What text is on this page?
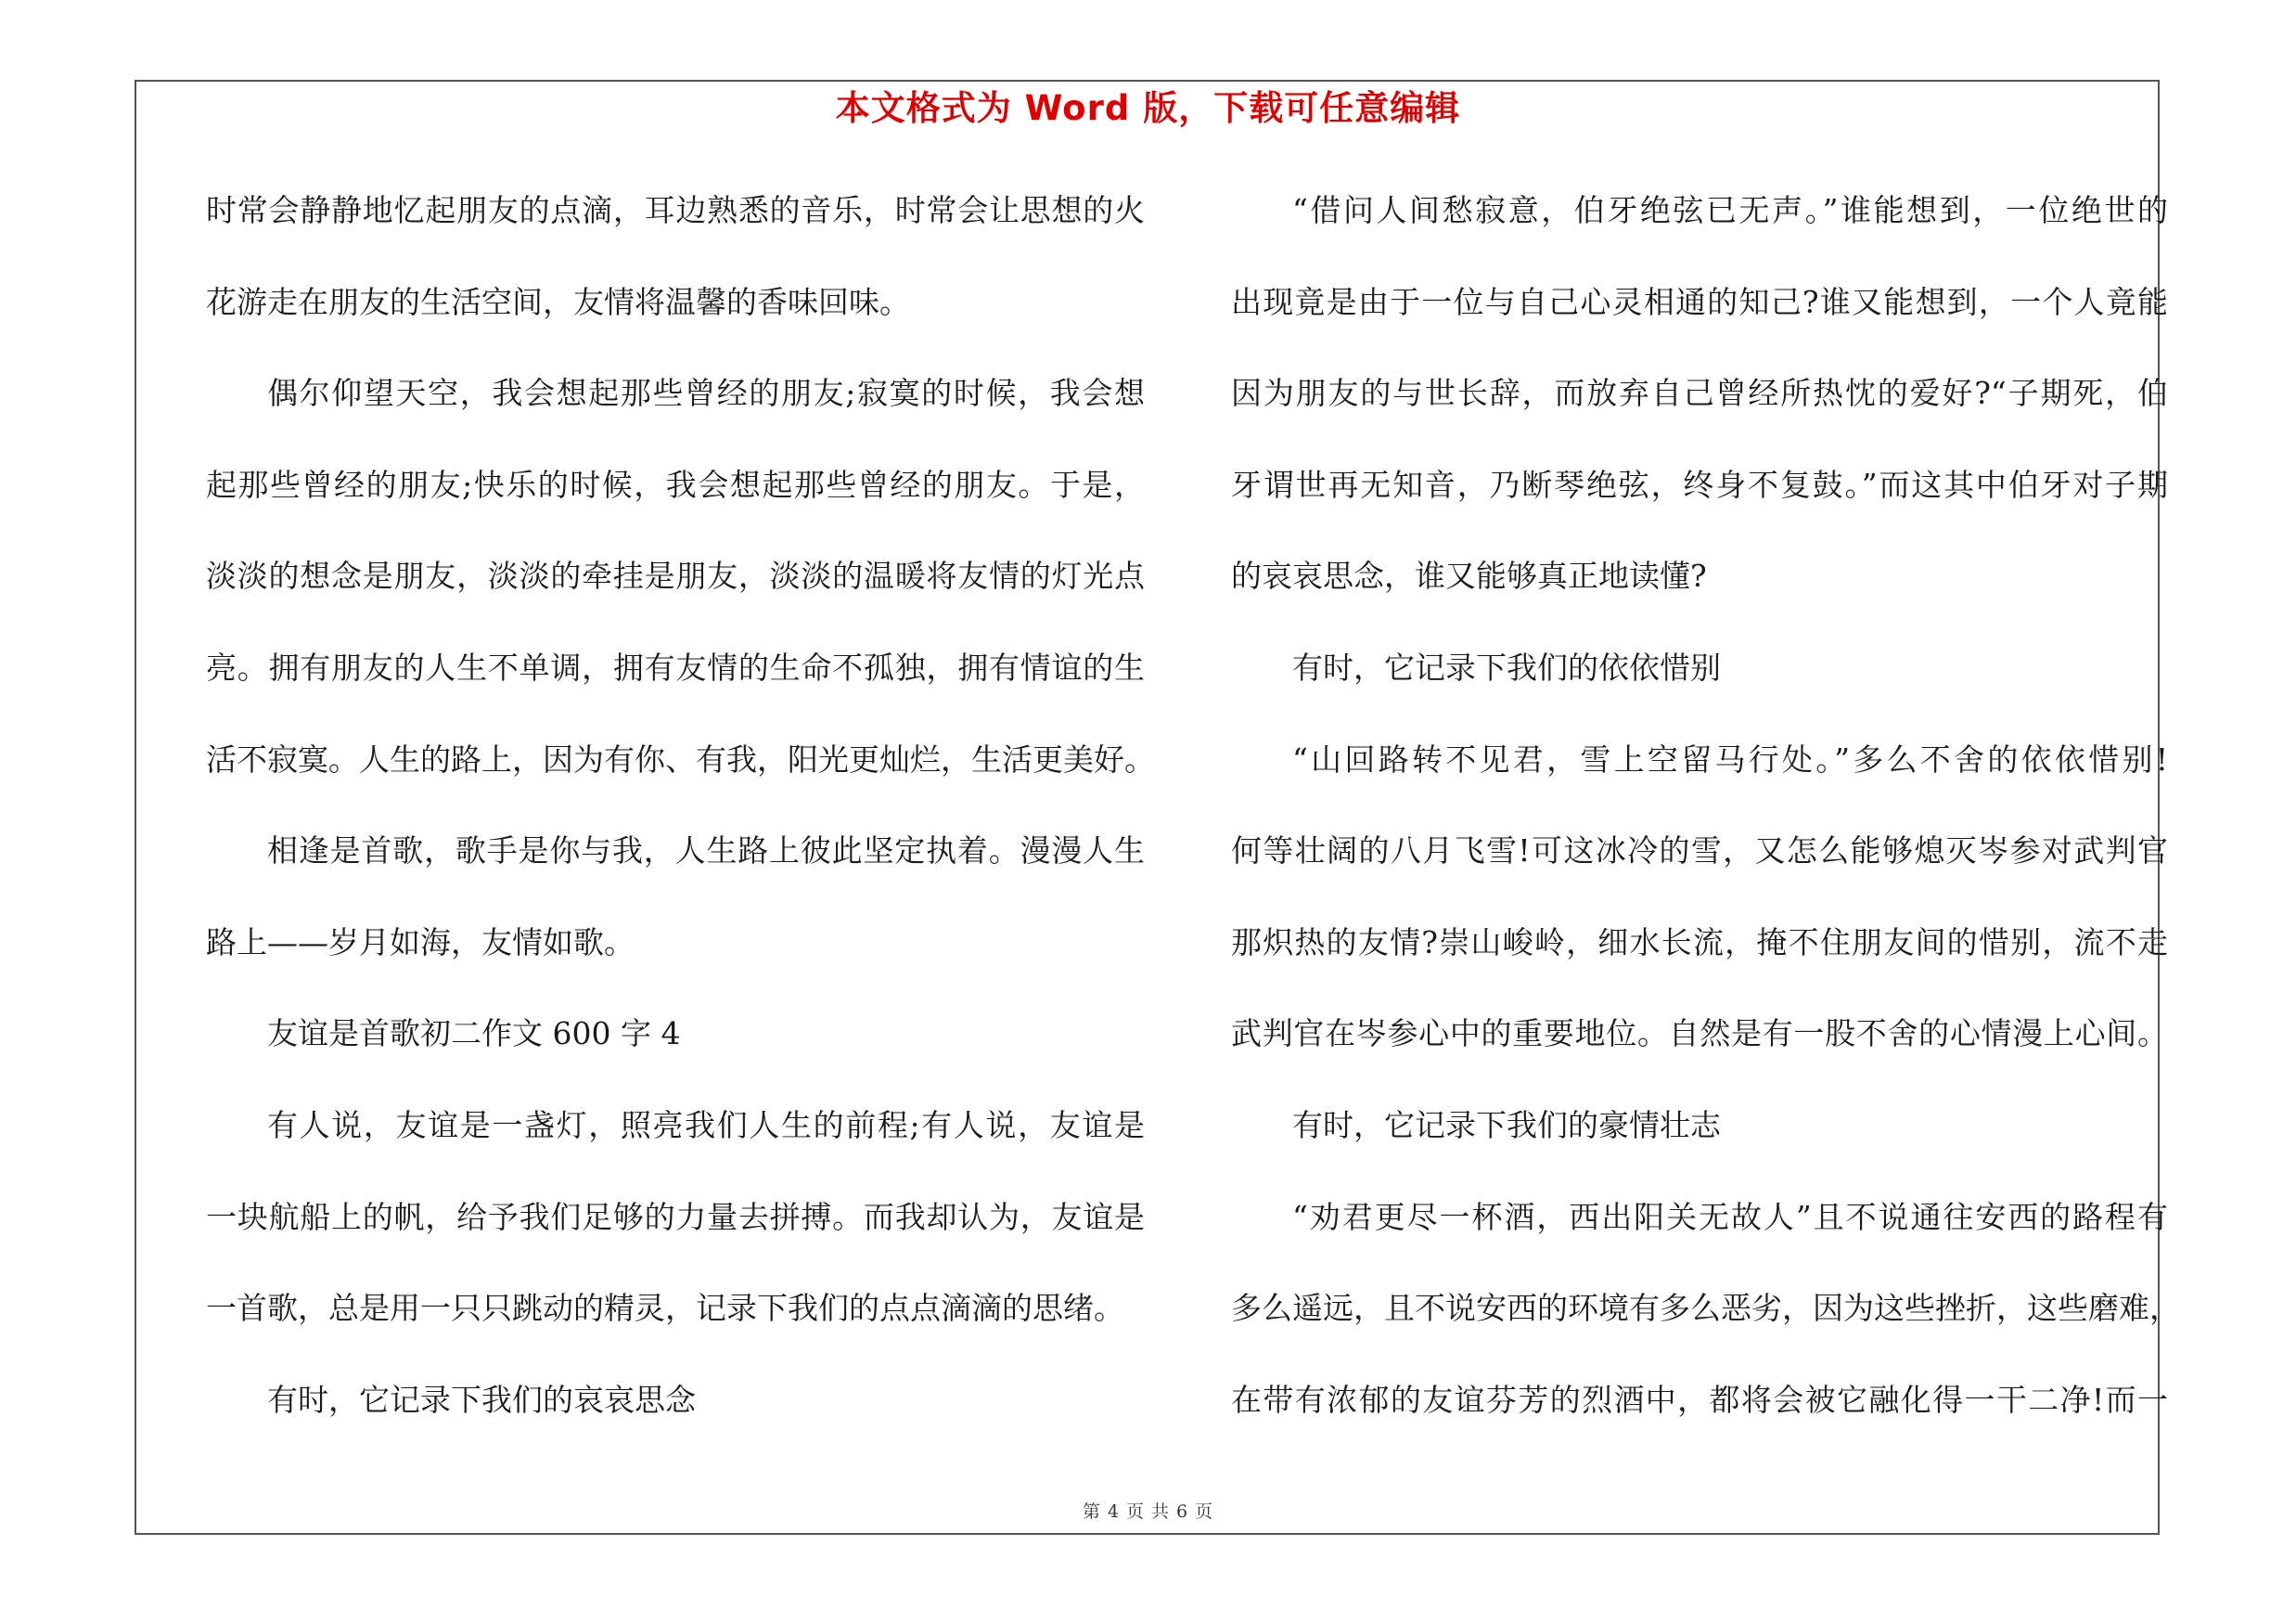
本文格式为 Word 版，下载可任意编辑
时常会静静地忆起朋友的点滴，耳边熟悉的音乐，时常会让思想的火
花游走在朋友的生活空间，友情将温馨的香味回味。
偶尔仰望天空，我会想起那些曾经的朋友;寂寞的时候，我会想
起那些曾经的朋友;快乐的时候，我会想起那些曾经的朋友。于是，
淡淡的想念是朋友，淡淡的牵挂是朋友，淡淡的温暖将友情的灯光点
亮。拥有朋友的人生不单调，拥有友情的生命不孤独，拥有情谊的生
活不寂寞。人生的路上，因为有你、有我，阳光更灿烂，生活更美好。
相逢是首歌，歌手是你与我，人生路上彼此坚定执着。漫漫人生
路上——岁月如海，友情如歌。
友谊是首歌初二作文 600 字 4
有人说，友谊是一盏灯，照亮我们人生的前程;有人说，友谊是
一块航船上的帆，给予我们足够的力量去拼搏。而我却认为，友谊是
一首歌，总是用一只只跳动的精灵，记录下我们的点点滴滴的思绪。
有时，它记录下我们的哀哀思念
“借问人间愁寂意，伯牙绝弦已无声。”谁能想到，一位绝世的
出现竟是由于一位与自己心灵相通的知己?谁又能想到，一个人竟能
因为朋友的与世长辞，而放弃自己曾经所热忱的爱好?“子期死，伯
牙谓世再无知音，乃断琴绝弦，终身不复鼓。”而这其中伯牙对子期
的哀哀思念，谁又能够真正地读懂?
有时，它记录下我们的依依惜别
“山回路转不见君，雪上空留马行处。”多么不舍的依依惜别!
何等壮阔的八月飞雪!可这冰冷的雪，又怎么能够熄灭岑参对武判官
那炽热的友情?崇山峻岭，细水长流，掩不住朋友间的惜别，流不走
武判官在岑参心中的重要地位。自然是有一股不舍的心情漫上心间。
有时，它记录下我们的豪情壮志
“劝君更尽一杯酒，西出阳关无故人”且不说通往安西的路程有
多么遥远，且不说安西的环境有多么恶劣，因为这些挫折，这些磨难，
在带有浓郁的友谊芬芳的烈酒中，都将会被它融化得一干二净!而一
第 4 页 共 6 页
